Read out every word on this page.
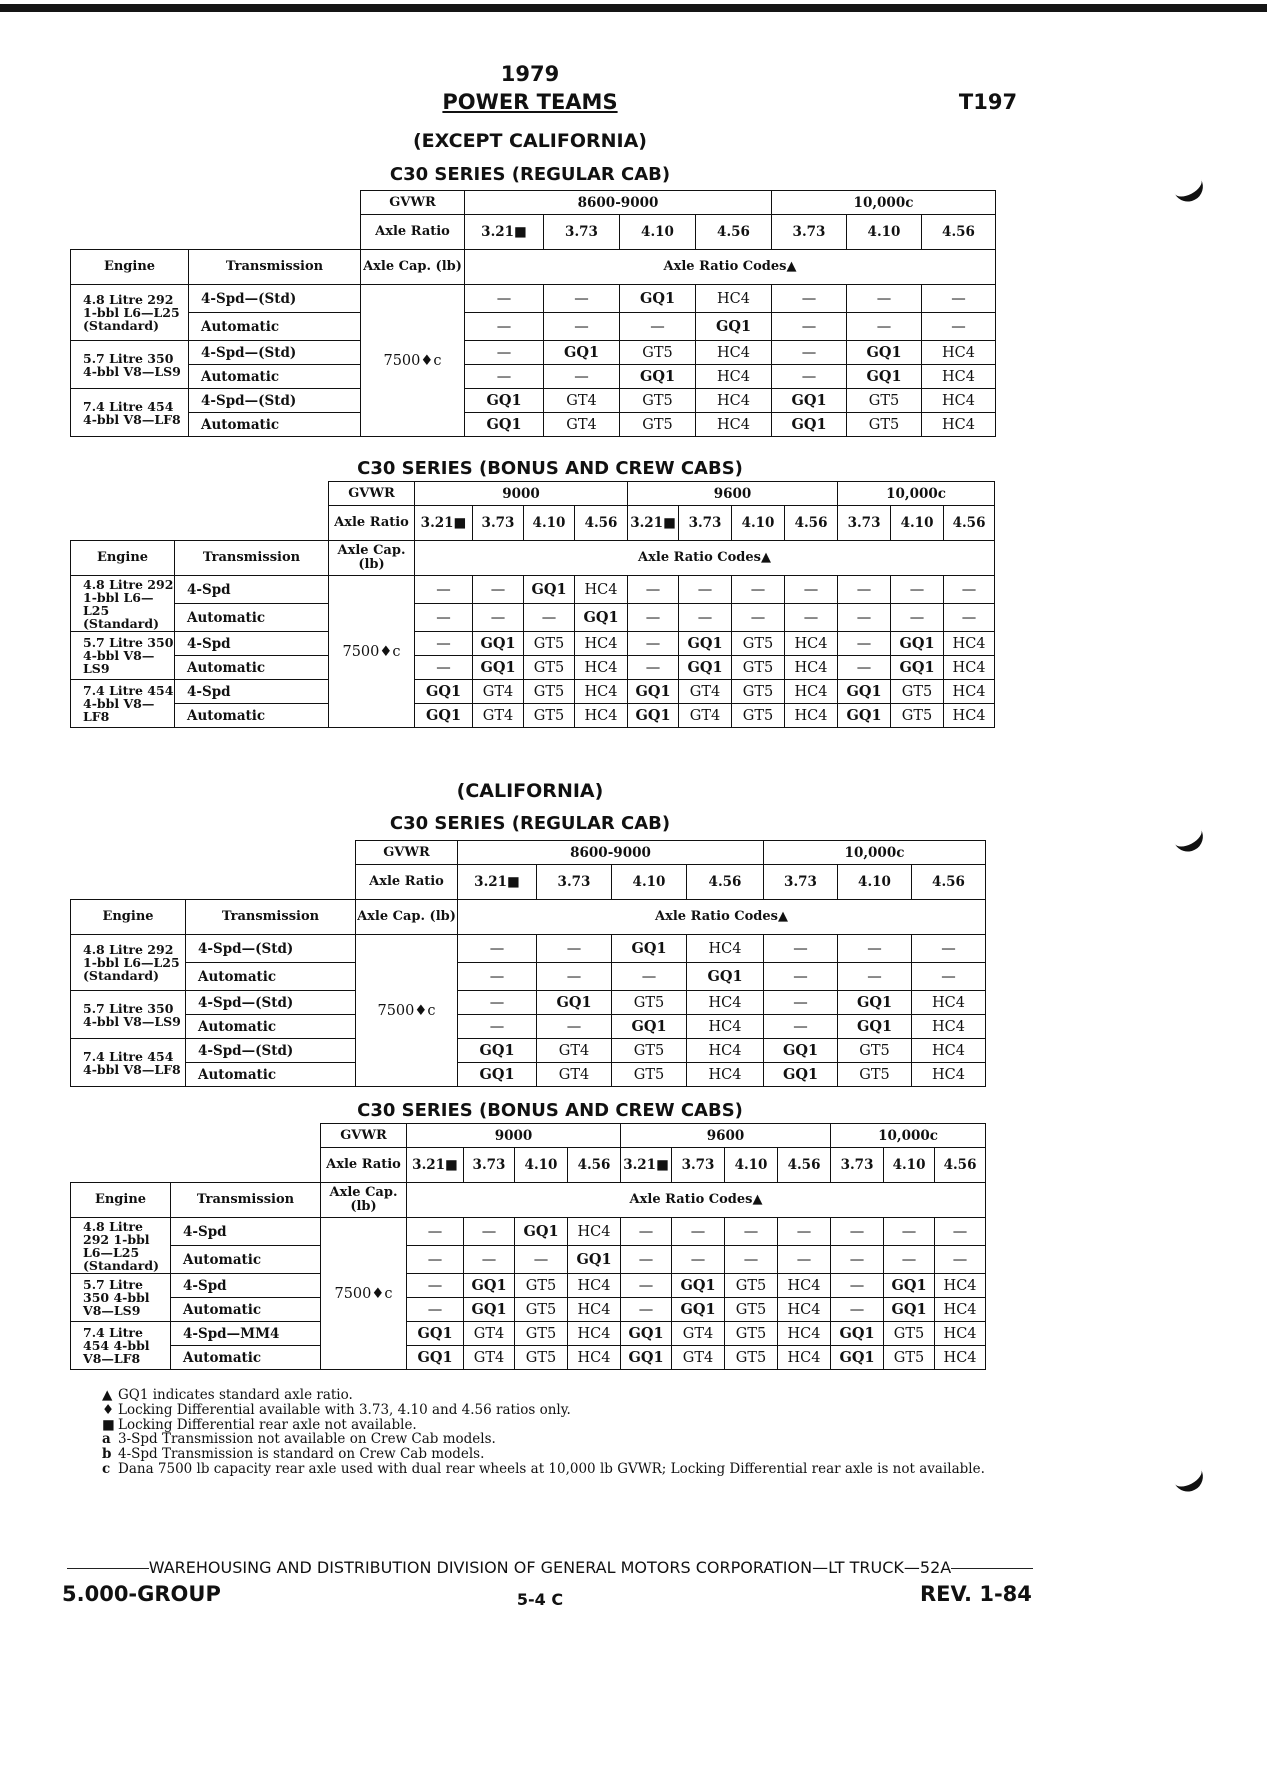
1979
POWER TEAMS	T197
(EXCEPT CALIFORNIA)
C30 SERIES (REGULAR CAB)
		GVWR	8600-9000				10,000c		
		Axle Ratio	3.21■	3.73	4.10	4.56	3.73	4.10	4.56
Engine	Transmission	Axle Cap. (lb)	Axle Ratio Codes▲						
4.8 Litre 292 1-bbl L6—L25 (Standard)	4-Spd—(Std)	7500♦c	—	—	GQ1	HC4	—	—	—
	Automatic		—	—	—	GQ1	—	—	—
5.7 Litre 350 4-bbl V8—LS9	4-Spd—(Std)		—	GQ1	GT5	HC4	—	GQ1	HC4
	Automatic		—	—	GQ1	HC4	—	GQ1	HC4
7.4 Litre 454 4-bbl V8—LF8	4-Spd—(Std)		GQ1	GT4	GT5	HC4	GQ1	GT5	HC4
	Automatic		GQ1	GT4	GT5	HC4	GQ1	GT5	HC4
C30 SERIES (BONUS AND CREW CABS)
		GVWR	9000				9600				10,000c		
		Axle Ratio	3.21■	3.73	4.10	4.56	3.21■	3.73	4.10	4.56	3.73	4.10	4.56
Engine	Transmission	Axle Cap. (lb)	Axle Ratio Codes▲										
4.8 Litre 292 1-bbl L6—L25 (Standard)	4-Spd	7500♦c	—	—	GQ1	HC4	—	—	—	—	—	—	—
	Automatic		—	—	—	GQ1	—	—	—	—	—	—	—
5.7 Litre 350 4-bbl V8—LS9	4-Spd		—	GQ1	GT5	HC4	—	GQ1	GT5	HC4	—	GQ1	HC4
	Automatic		—	GQ1	GT5	HC4	—	GQ1	GT5	HC4	—	GQ1	HC4
7.4 Litre 454 4-bbl V8—LF8	4-Spd		GQ1	GT4	GT5	HC4	GQ1	GT4	GT5	HC4	GQ1	GT5	HC4
	Automatic		GQ1	GT4	GT5	HC4	GQ1	GT4	GT5	HC4	GQ1	GT5	HC4
(CALIFORNIA)
C30 SERIES (REGULAR CAB)
		GVWR	8600-9000				10,000c		
		Axle Ratio	3.21■	3.73	4.10	4.56	3.73	4.10	4.56
Engine	Transmission	Axle Cap. (lb)	Axle Ratio Codes▲						
4.8 Litre 292 1-bbl L6—L25 (Standard)	4-Spd—(Std)	7500♦c	—	—	GQ1	HC4	—	—	—
	Automatic		—	—	—	GQ1	—	—	—
5.7 Litre 350 4-bbl V8—LS9	4-Spd—(Std)		—	GQ1	GT5	HC4	—	GQ1	HC4
	Automatic		—	—	GQ1	HC4	—	GQ1	HC4
7.4 Litre 454 4-bbl V8—LF8	4-Spd—(Std)		GQ1	GT4	GT5	HC4	GQ1	GT5	HC4
	Automatic		GQ1	GT4	GT5	HC4	GQ1	GT5	HC4
C30 SERIES (BONUS AND CREW CABS)
		GVWR	9000				9600				10,000c		
		Axle Ratio	3.21■	3.73	4.10	4.56	3.21■	3.73	4.10	4.56	3.73	4.10	4.56
Engine	Transmission	Axle Cap. (lb)	Axle Ratio Codes▲										
4.8 Litre 292 1-bbl L6—L25 (Standard)	4-Spd	7500♦c	—	—	GQ1	HC4	—	—	—	—	—	—	—
	Automatic		—	—	—	GQ1	—	—	—	—	—	—	—
5.7 Litre 350 4-bbl V8—LS9	4-Spd		—	GQ1	GT5	HC4	—	GQ1	GT5	HC4	—	GQ1	HC4
	Automatic		—	GQ1	GT5	HC4	—	GQ1	GT5	HC4	—	GQ1	HC4
7.4 Litre 454 4-bbl V8—LF8	4-Spd—MM4		GQ1	GT4	GT5	HC4	GQ1	GT4	GT5	HC4	GQ1	GT5	HC4
	Automatic		GQ1	GT4	GT5	HC4	GQ1	GT4	GT5	HC4	GQ1	GT5	HC4
▲ GQ1 indicates standard axle ratio.
♦ Locking Differential available with 3.73, 4.10 and 4.56 ratios only.
■ Locking Differential rear axle not available.
a 3-Spd Transmission not available on Crew Cab models.
b 4-Spd Transmission is standard on Crew Cab models.
c Dana 7500 lb capacity rear axle used with dual rear wheels at 10,000 lb GVWR; Locking Differential rear axle is not available.
WAREHOUSING AND DISTRIBUTION DIVISION OF GENERAL MOTORS CORPORATION—LT TRUCK—52A
5.000-GROUP	5-4 C	REV. 1-84
